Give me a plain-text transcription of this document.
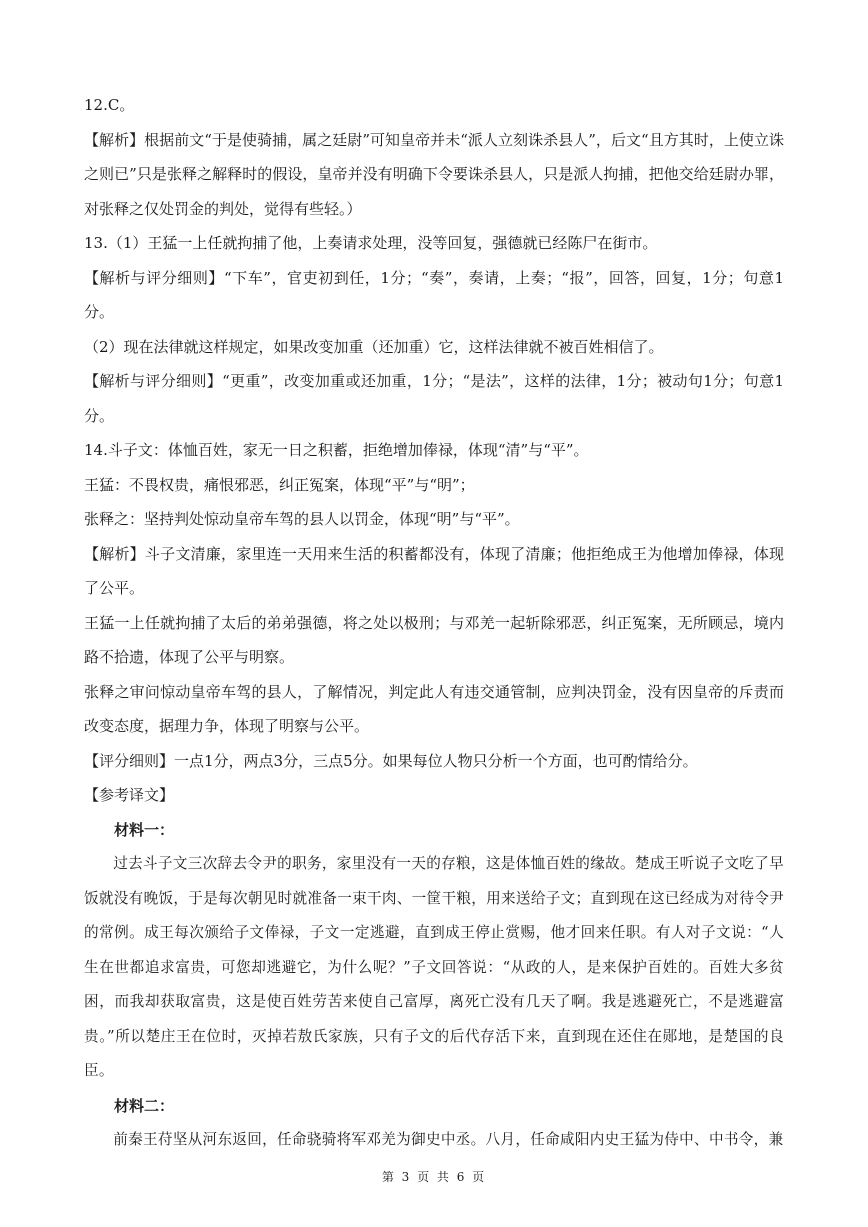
12.C。

【解析】根据前文“于是使骑捕，属之廷尉”可知皇帝并未“派人立刻诛杀县人”，后文“且方其时，上使立诛之则已”只是张释之解释时的假设，皇帝并没有明确下令要诛杀县人，只是派人拘捕，把他交给廷尉办罪，对张释之仅处罚金的判处，觉得有些轻。）

13.（1）王猛一上任就拘捕了他，上奏请求处理，没等回复，强德就已经陈尸在街市。

【解析与评分细则】“下车”，官吏初到任，1分；“奏”，奏请，上奏；“报”，回答，回复，1分；句意1分。

（2）现在法律就这样规定，如果改变加重（还加重）它，这样法律就不被百姓相信了。

【解析与评分细则】“更重”，改变加重或还加重，1分；“是法”，这样的法律，1分；被动句1分；句意1分。

14.斗子文：体恤百姓，家无一日之积蓄，拒绝增加俸禄，体现“清”与“平”。

王猛：不畏权贵，痛恨邪恶，纠正冤案，体现“平”与“明”；

张释之：坚持判处惊动皇帝车驾的县人以罚金，体现“明”与“平”。

【解析】斗子文清廉，家里连一天用来生活的积蓄都没有，体现了清廉；他拒绝成王为他增加俸禄，体现了公平。

王猛一上任就拘捕了太后的弟弟强德，将之处以极刑；与邓羌一起斩除邪恶，纠正冤案，无所顾忌，境内路不拾遗，体现了公平与明察。

张释之审问惊动皇帝车驾的县人，了解情况，判定此人有违交通管制，应判决罚金，没有因皇帝的斥责而改变态度，据理力争，体现了明察与公平。

【评分细则】一点1分，两点3分，三点5分。如果每位人物只分析一个方面，也可酌情给分。

【参考译文】

材料一：

过去斗子文三次辞去令尹的职务，家里没有一天的存粮，这是体恤百姓的缘故。楚成王听说子文吃了早饭就没有晚饭，于是每次朝见时就准备一束干肉、一筐干粮，用来送给子文；直到现在这已经成为对待令尹的常例。成王每次颁给子文俸禄，子文一定逃避，直到成王停止赏赐，他才回来任职。有人对子文说：“人生在世都追求富贵，可您却逃避它，为什么呢？”子文回答说：“从政的人，是来保护百姓的。百姓大多贫困，而我却获取富贵，这是使百姓劳苦来使自己富厚，离死亡没有几天了啊。我是逃避死亡，不是逃避富贵。”所以楚庄王在位时，灭掉若敖氏家族，只有子文的后代存活下来，直到现在还住在郧地，是楚国的良臣。

材料二：

前秦王苻坚从河东返回，任命骁骑将军邓羌为御史中丞。八月，任命咸阳内史王猛为侍中、中书令，兼

第 3 页 共 6 页
